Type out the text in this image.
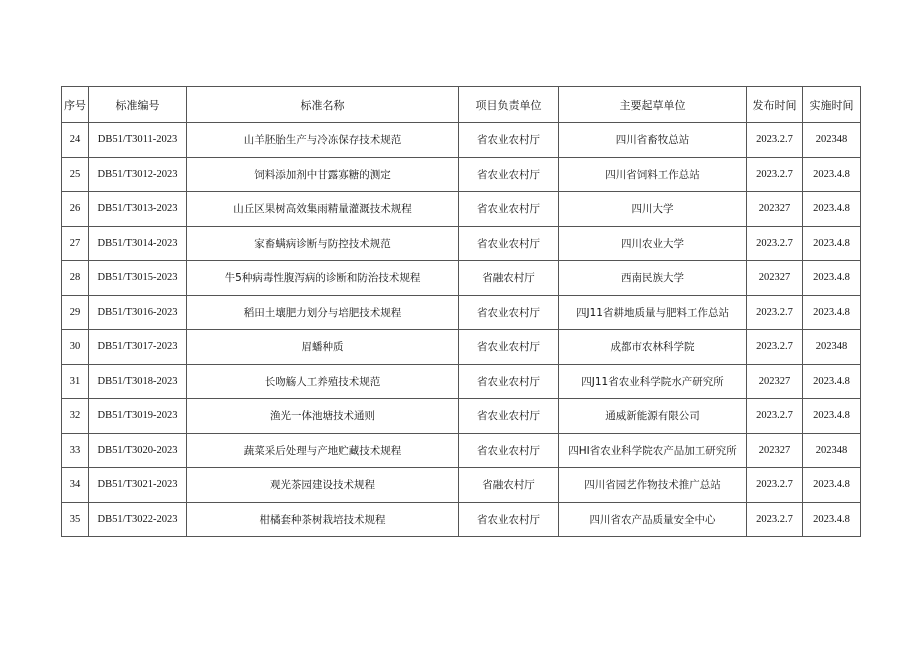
序号	标准编号	标准名称	项目负责单位	主要起草单位	发布时间	实施时间
24	DB51/T3011-2023	山羊胚胎生产与冷冻保存技术规范	省农业农村厅	四川省畜牧总站	2023.2.7	202348
25	DB51/T3012-2023	饲料添加剂中甘露寡糖的测定	省农业农村厅	四川省饲料工作总站	2023.2.7	2023.4.8
26	DB51/T3013-2023	山丘区果树高效集雨精量灌溉技术规程	省农业农村厅	四川大学	202327	2023.4.8
27	DB51/T3014-2023	家畜螨病诊断与防控技术规范	省农业农村厅	四川农业大学	2023.2.7	2023.4.8
28	DB51/T3015-2023	牛5种病毒性腹泻病的诊断和防治技术规程	省融农村厅	西南民族大学	202327	2023.4.8
29	DB51/T3016-2023	稻田土壤肥力划分与培肥技术规程	省农业农村厅	四J11省耕地质量与肥料工作总站	2023.2.7	2023.4.8
30	DB51/T3017-2023	眉蟠种质	省农业农村厅	成都市农林科学院	2023.2.7	202348
31	DB51/T3018-2023	长吻觞人工养殖技术规范	省农业农村厅	四J11省农业科学院水产研究所	202327	2023.4.8
32	DB51/T3019-2023	渔光一体池塘技术通则	省农业农村厅	通威新能源有限公司	2023.2.7	2023.4.8
33	DB51/T3020-2023	蔬菜采后处理与产地贮藏技术规程	省农业农村厅	四HI省农业科学院农产品加工研究所	202327	202348
34	DB51/T3021-2023	观光茶园建设技术规程	省融农村厅	四川省园艺作物技术推广总站	2023.2.7	2023.4.8
35	DB51/T3022-2023	柑橘套种茶树栽培技术规程	省农业农村厅	四川省农产品质量安全中心	2023.2.7	2023.4.8
